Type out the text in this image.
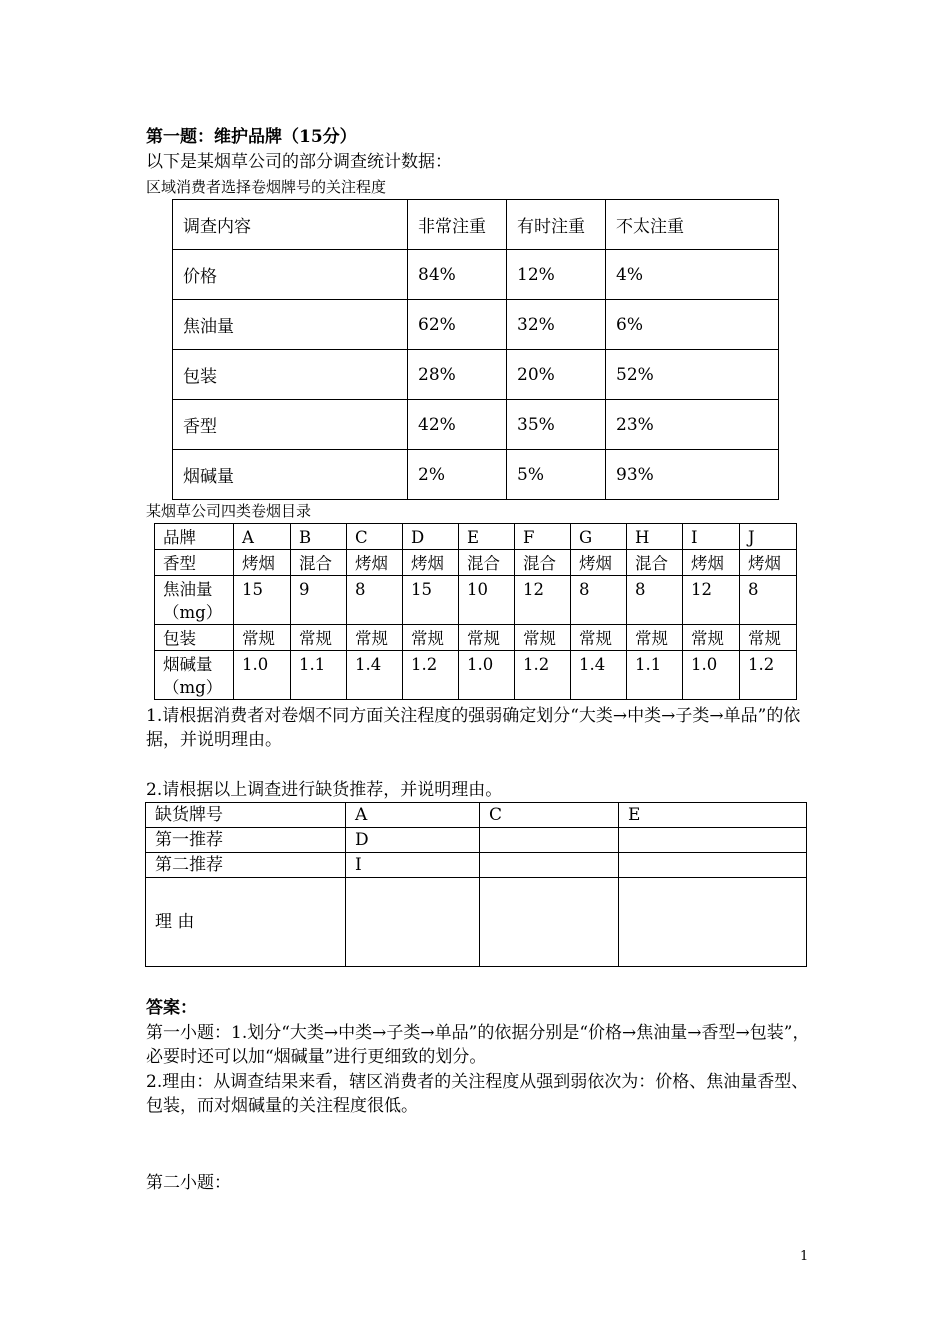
第一题：维护品牌（15分）
以下是某烟草公司的部分调查统计数据：
区域消费者选择卷烟牌号的关注程度
调查内容	非常注重	有时注重	不太注重
价格	84%	12%	4%
焦油量	62%	32%	6%
包装	28%	20%	52%
香型	42%	35%	23%
烟碱量	2%	5%	93%
某烟草公司四类卷烟目录
品牌	A	B	C	D	E	F	G	H	I	J
香型	烤烟	混合	烤烟	烤烟	混合	混合	烤烟	混合	烤烟	烤烟
焦油量（mg）	15	9	8	15	10	12	8	8	12	8
包装	常规	常规	常规	常规	常规	常规	常规	常规	常规	常规
烟碱量（mg）	1.0	1.1	1.4	1.2	1.0	1.2	1.4	1.1	1.0	1.2
1.请根据消费者对卷烟不同方面关注程度的强弱确定划分“大类→中类→子类→单品”的依据，并说明理由。
2.请根据以上调查进行缺货推荐，并说明理由。
缺货牌号	A	C	E
第一推荐	D		
第二推荐	I		
理 由			
答案：
第一小题：1.划分“大类→中类→子类→单品”的依据分别是“价格→焦油量→香型→包装”，必要时还可以加“烟碱量”进行更细致的划分。
2.理由：从调查结果来看，辖区消费者的关注程度从强到弱依次为：价格、焦油量香型、包装，而对烟碱量的关注程度很低。
第二小题：
1
